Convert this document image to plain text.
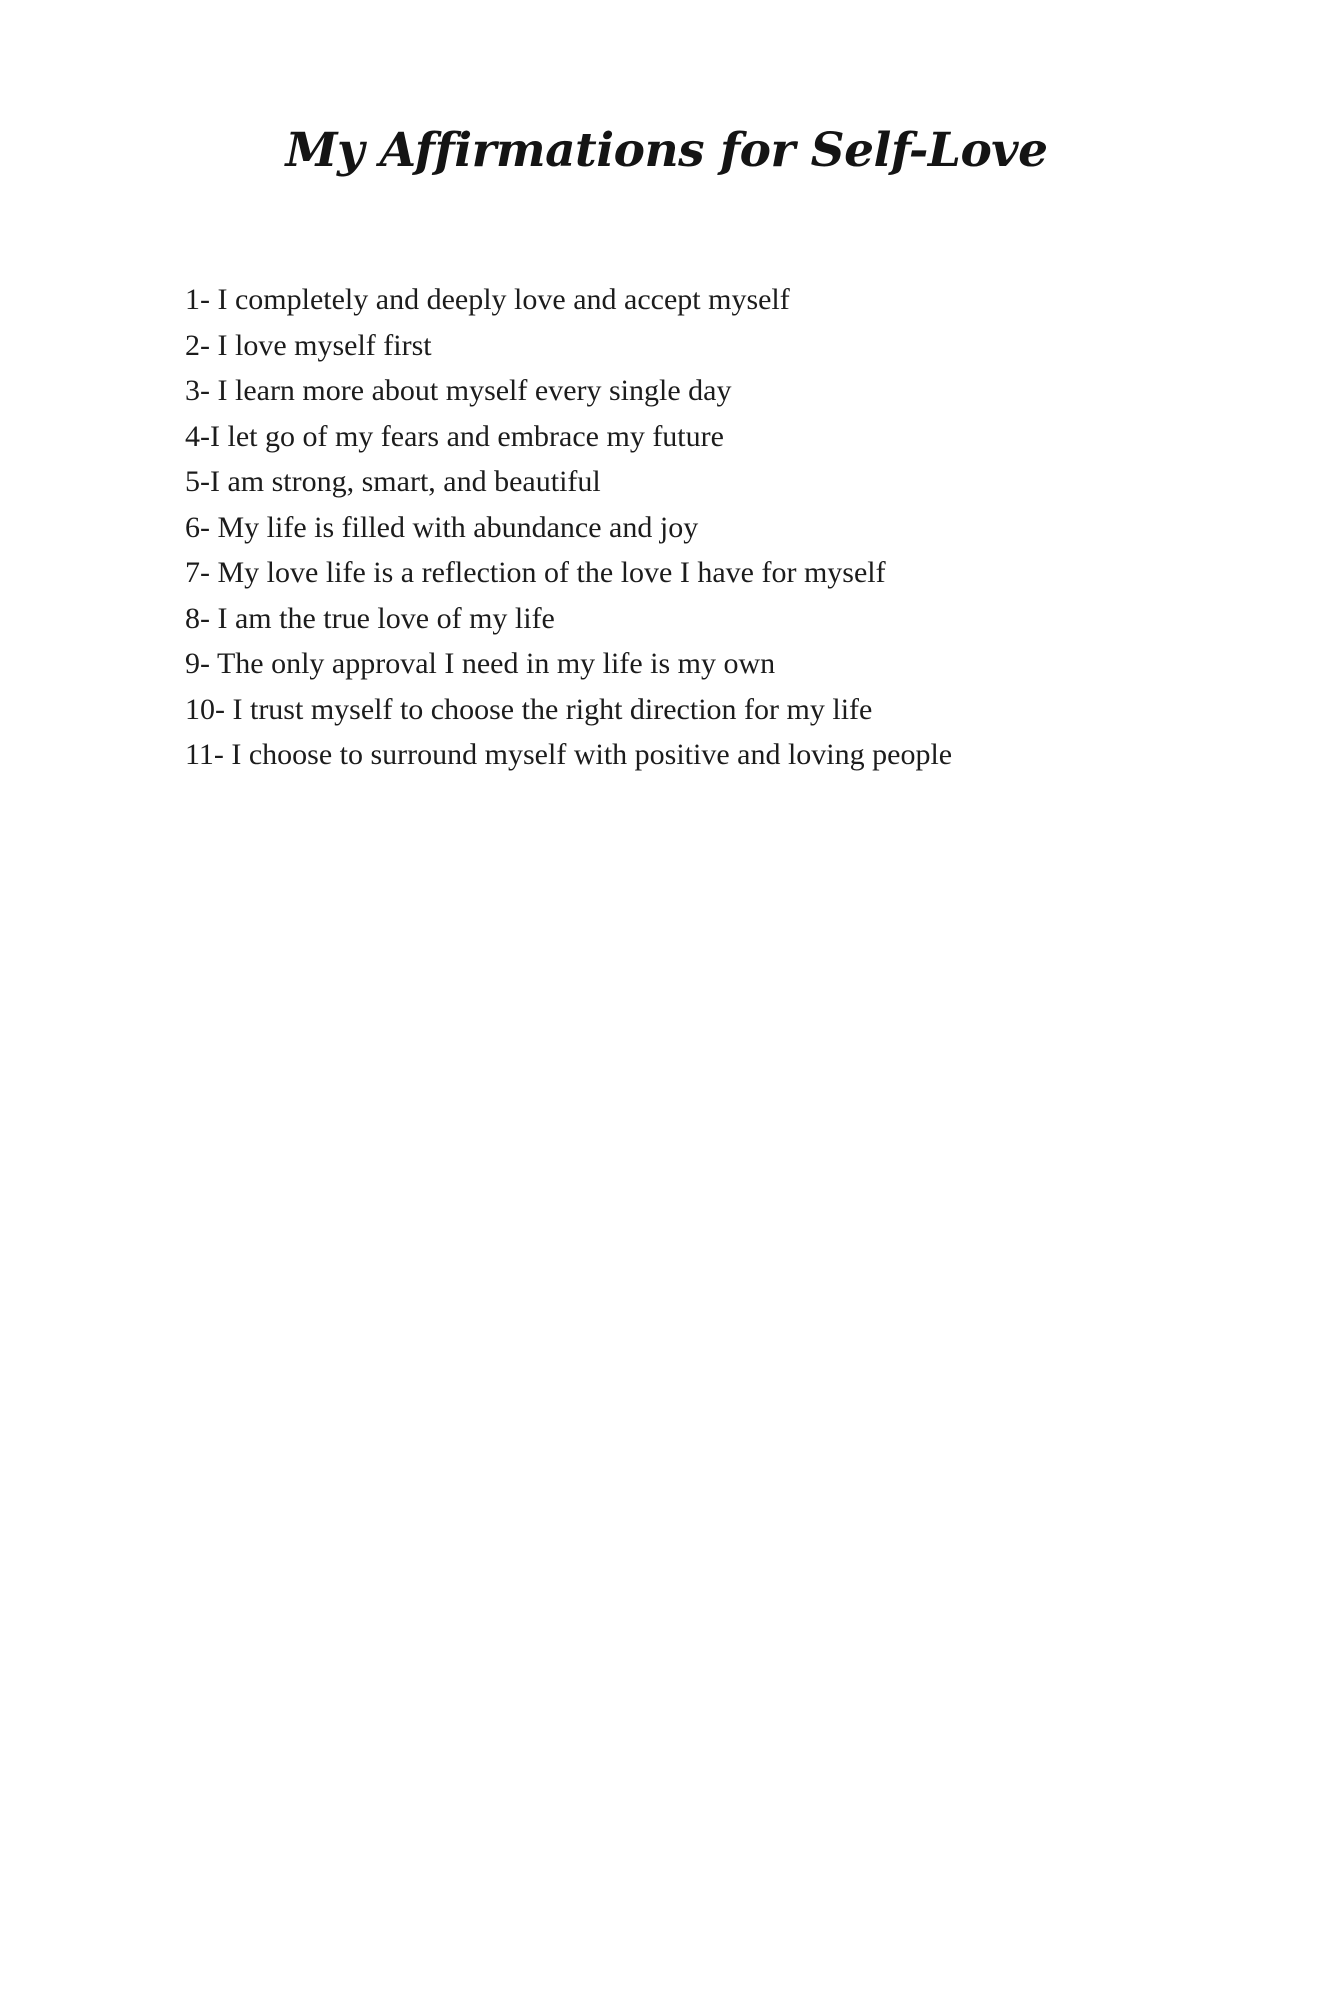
My Affirmations for Self-Love
1- I completely and deeply love and accept myself
2- I love myself first
3- I learn more about myself every single day
4-I let go of my fears and embrace my future
5-I am strong, smart, and beautiful
6- My life is filled with abundance and joy
7- My love life is a reflection of the love I have for myself
8- I am the true love of my life
9- The only approval I need in my life is my own
10- I trust myself to choose the right direction for my life
11- I choose to surround myself with positive and loving people
